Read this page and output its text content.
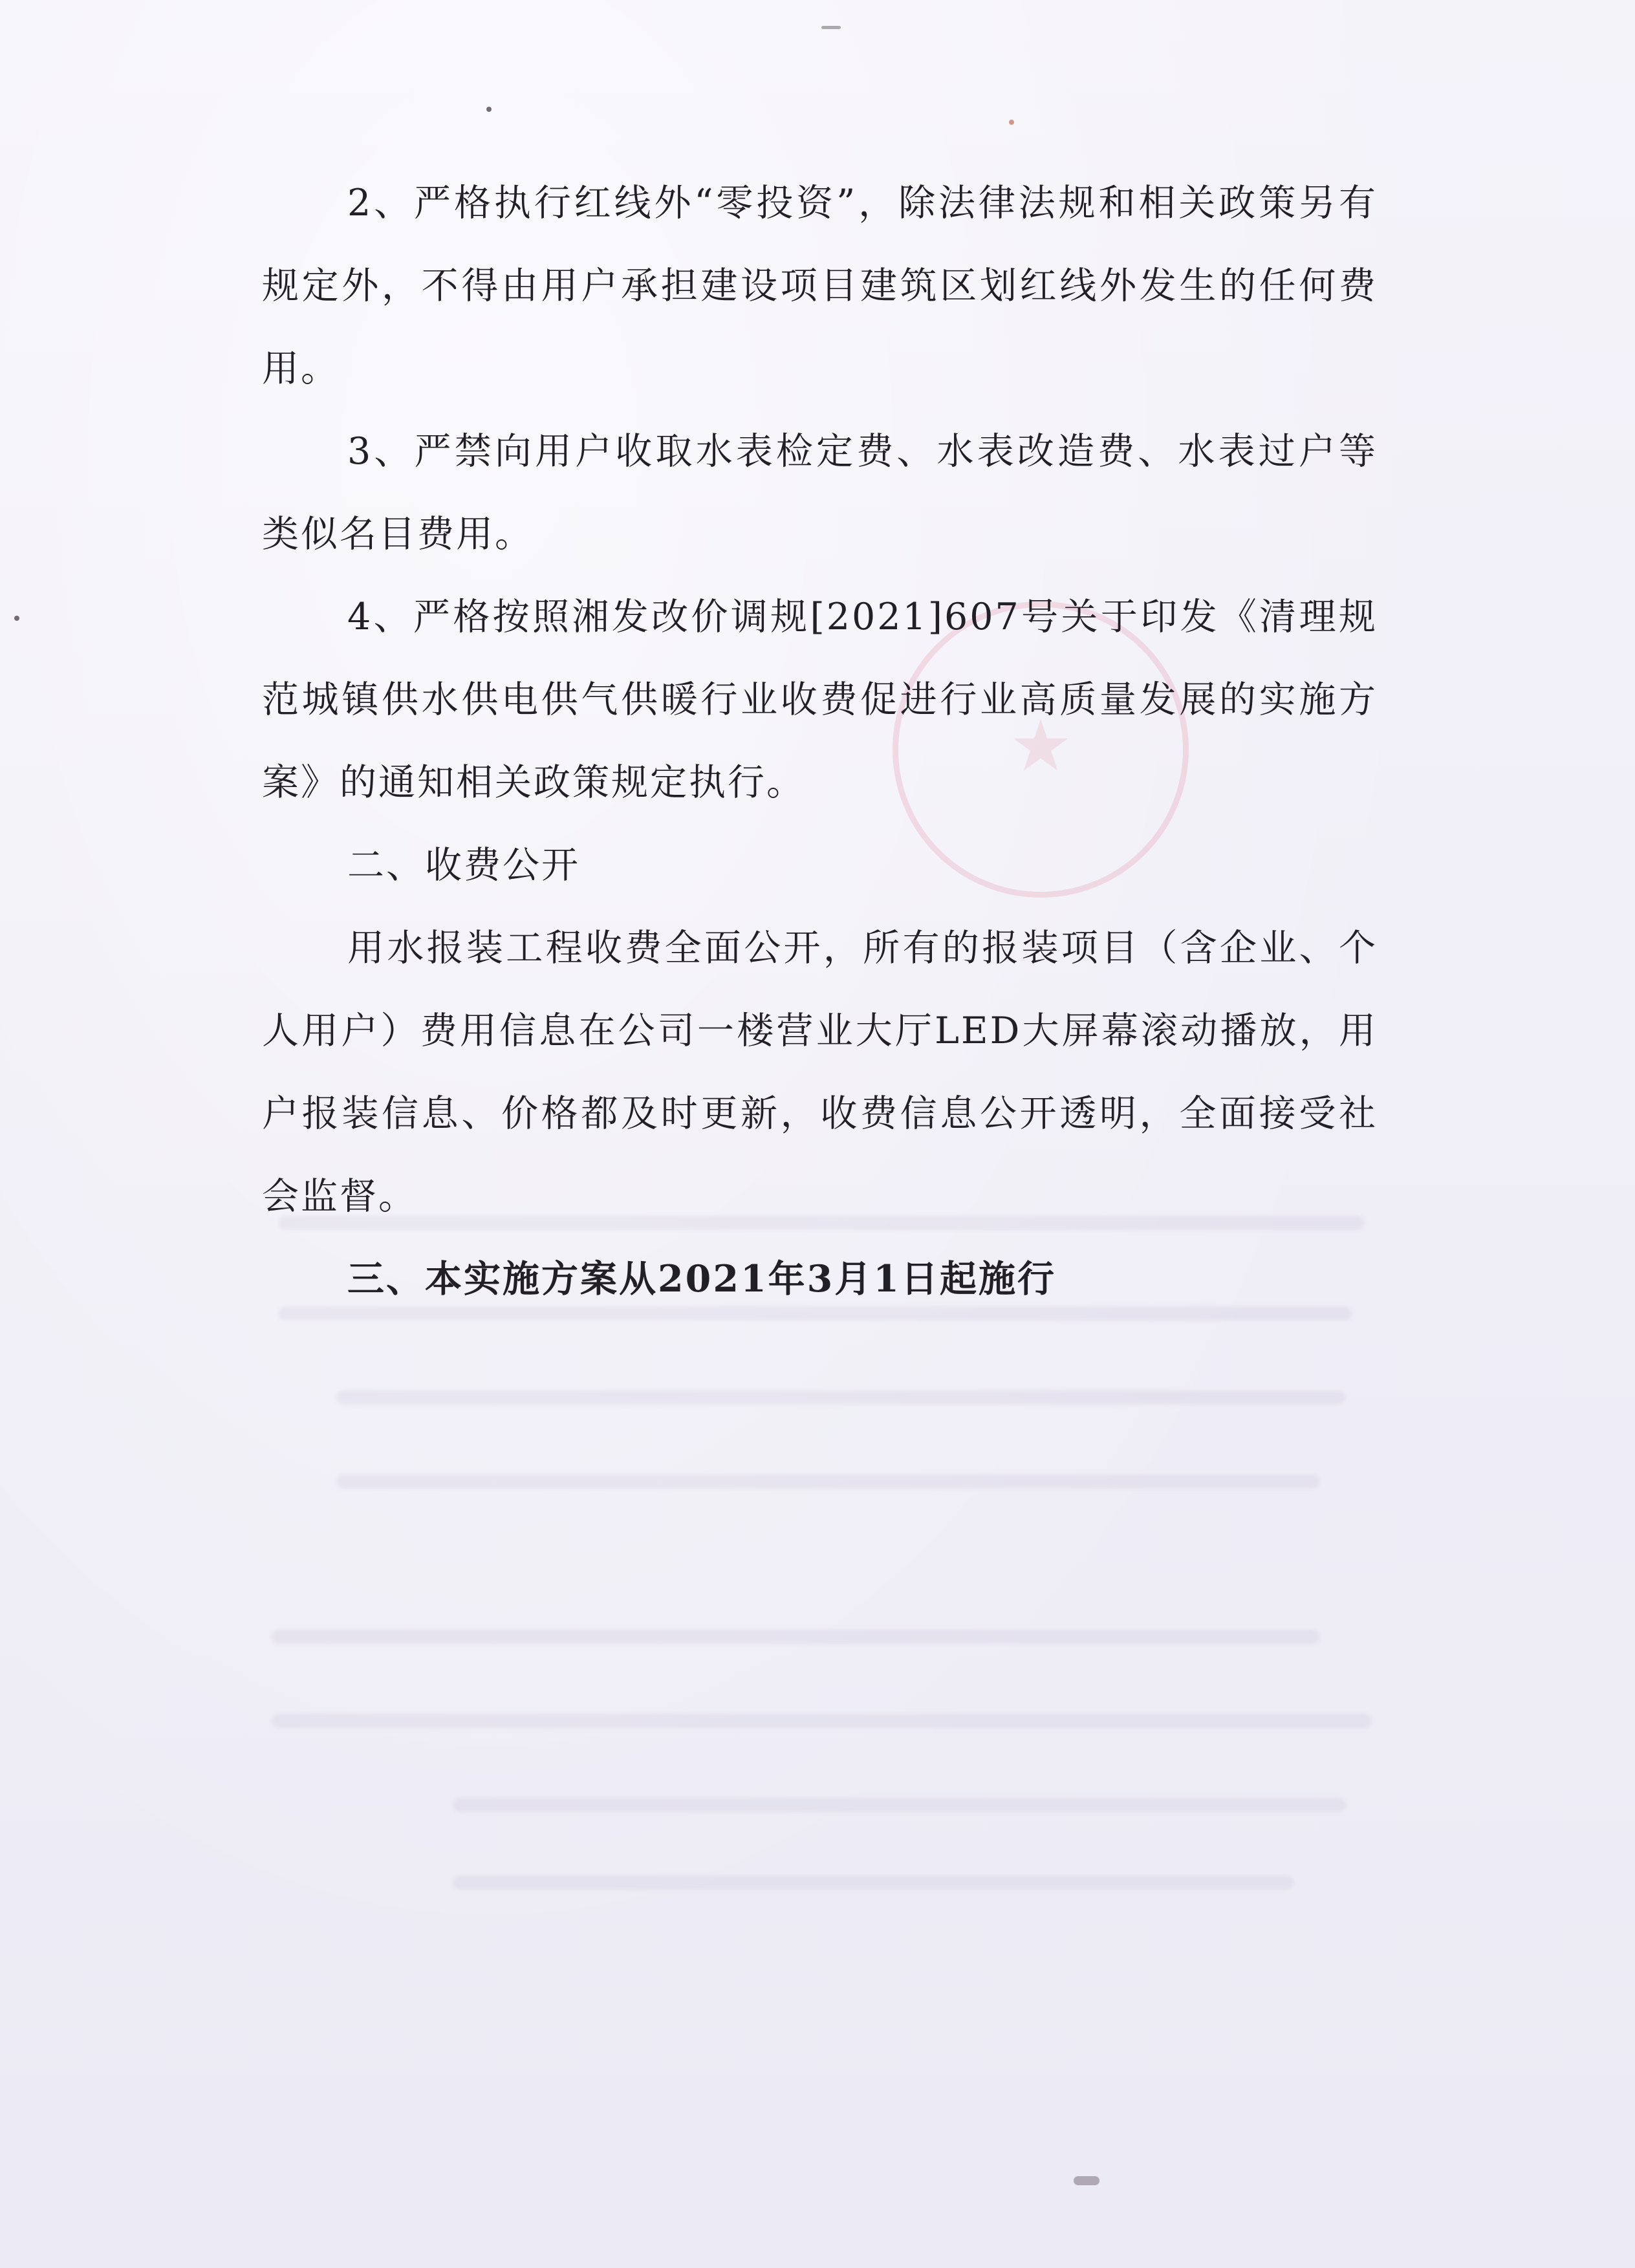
★

2、严格执行红线外“零投资”，除法律法规和相关政策另有规定外，不得由用户承担建设项目建筑区划红线外发生的任何费用。

3、严禁向用户收取水表检定费、水表改造费、水表过户等类似名目费用。

4、严格按照湘发改价调规[2021]607号关于印发《清理规范城镇供水供电供气供暖行业收费促进行业高质量发展的实施方案》的通知相关政策规定执行。

二、收费公开

用水报装工程收费全面公开，所有的报装项目（含企业、个人用户）费用信息在公司一楼营业大厅LED大屏幕滚动播放，用户报装信息、价格都及时更新，收费信息公开透明，全面接受社会监督。

三、本实施方案从2021年3月1日起施行
